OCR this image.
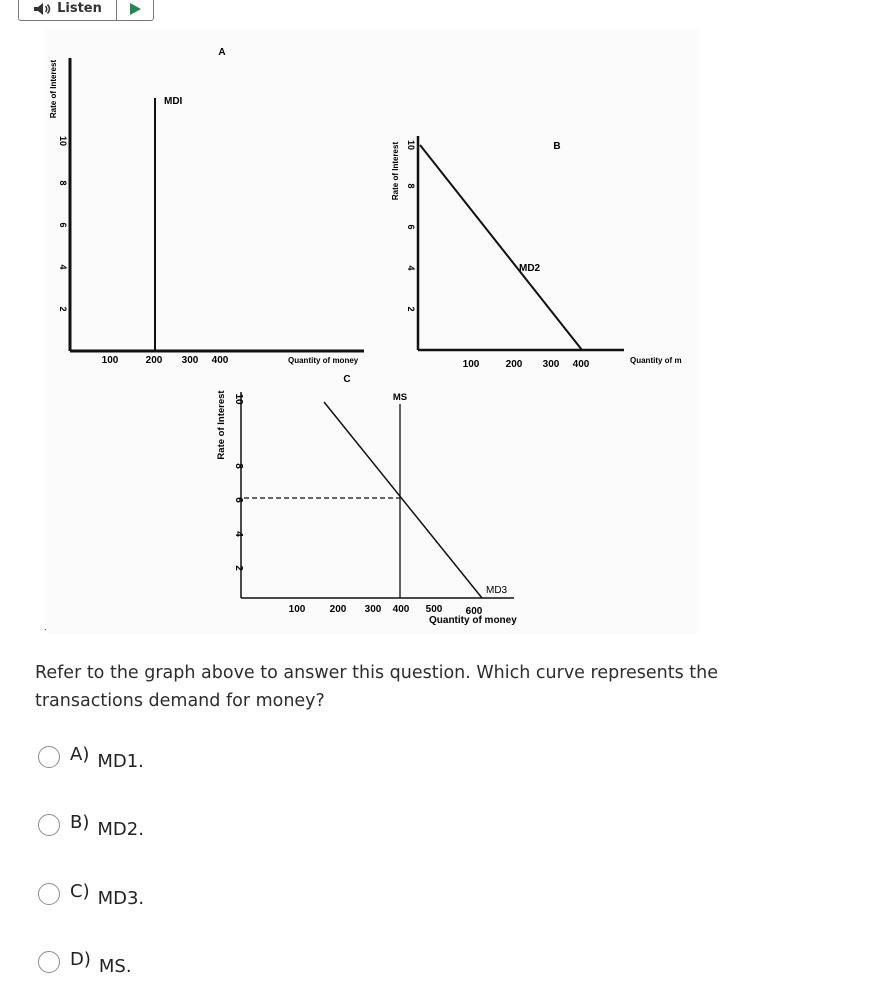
Listen
A
Rate of Interest
10
8
6
4
2
100	200 300 400
MDI
Quantity of money
B
Rate of Interest 10
8
6
4
2
100	200 300 400
MD2
Quantity of m
C
Rate of Interest 10
8
6
4
2
100 200 300 400 500 600
MS
MD3
Quantity of money
.
Refer to the graph above to answer this question. Which curve represents the transactions demand for money?
A) MD1.
B) MD2.
C) MD3.
D) MS.
